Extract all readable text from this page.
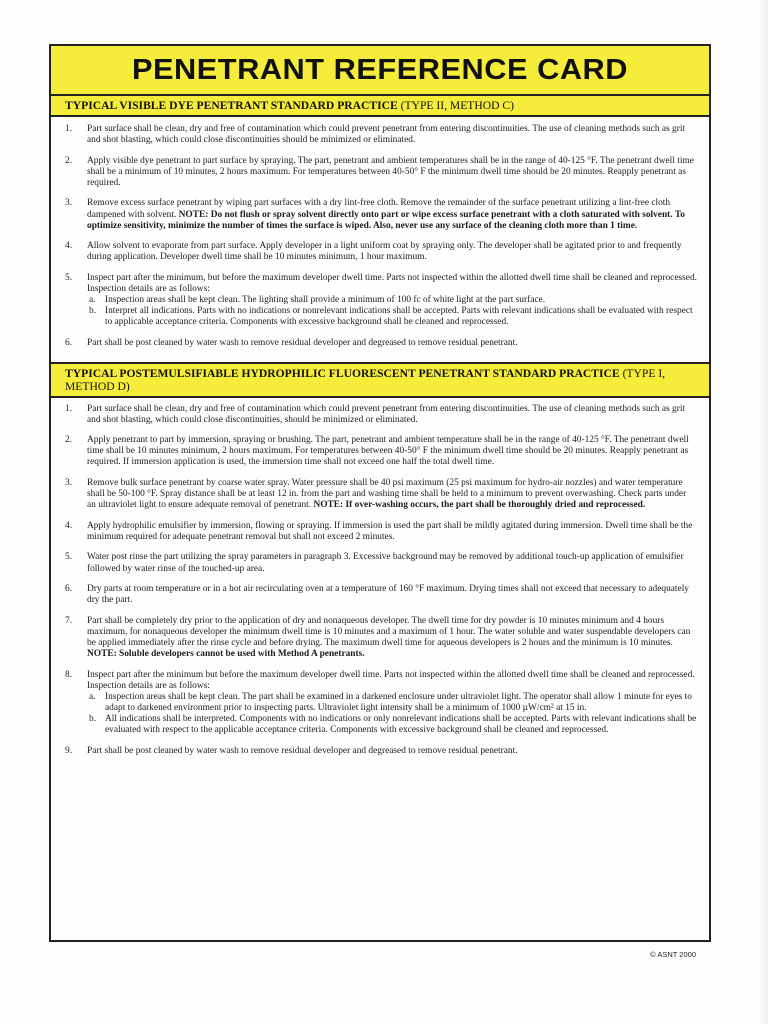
PENETRANT REFERENCE CARD
TYPICAL VISIBLE DYE PENETRANT STANDARD PRACTICE (TYPE II, METHOD C)
1.	Part surface shall be clean, dry and free of contamination which could prevent penetrant from entering discontinuities. The use of cleaning methods such as grit and shot blasting, which could close discontinuities should be minimized or eliminated.
2.	Apply visible dye penetrant to part surface by spraying. The part, penetrant and ambient temperatures shall be in the range of 40-125 °F. The penetrant dwell time shall be a minimum of 10 minutes, 2 hours maximum. For temperatures between 40-50° F the minimum dwell time should be 20 minutes. Reapply penetrant as required.
3.	Remove excess surface penetrant by wiping part surfaces with a dry lint-free cloth. Remove the remainder of the surface penetrant utilizing a lint-free cloth dampened with solvent. NOTE: Do not flush or spray solvent directly onto part or wipe excess surface penetrant with a cloth saturated with solvent. To optimize sensitivity, minimize the number of times the surface is wiped. Also, never use any surface of the cleaning cloth more than 1 time.
4.	Allow solvent to evaporate from part surface. Apply developer in a light uniform coat by spraying only. The developer shall be agitated prior to and frequently during application. Developer dwell time shall be 10 minutes minimum, 1 hour maximum.
5.	Inspect part after the minimum, but before the maximum developer dwell time. Parts not inspected within the allotted dwell time shall be cleaned and reprocessed. Inspection details are as follows:
a.	Inspection areas shall be kept clean. The lighting shall provide a minimum of 100 fc of white light at the part surface.
b. Interpret all indications. Parts with no indications or nonrelevant indications shall be accepted. Parts with relevant indications shall be evaluated with respect to applicable acceptance criteria. Components with excessive background shall be cleaned and reprocessed.
6.	Part shall be post cleaned by water wash to remove residual developer and degreased to remove residual penetrant.
TYPICAL POSTEMULSIFIABLE HYDROPHILIC FLUORESCENT PENETRANT STANDARD PRACTICE (TYPE I, METHOD D)
1.	Part surface shall be clean, dry and free of contamination which could prevent penetrant from entering discontinuities. The use of cleaning methods such as grit and shot blasting, which could close discontinuities, should be minimized or eliminated.
2.	Apply penetrant to part by immersion, spraying or brushing. The part, penetrant and ambient temperature shall be in the range of 40-125 °F. The penetrant dwell time shall be 10 minutes minimum, 2 hours maximum. For temperatures between 40-50° F the minimum dwell time should be 20 minutes. Reapply penetrant as required. If immersion application is used, the immersion time shall not exceed one half the total dwell time.
3.	Remove bulk surface penetrant by coarse water spray. Water pressure shall be 40 psi maximum (25 psi maximum for hydro-air nozzles) and water temperature shall be 50-100 °F. Spray distance shall be at least 12 in. from the part and washing time shall be held to a minimum to prevent overwashing. Check parts under an ultraviolet light to ensure adequate removal of penetrant. NOTE: If over-washing occurs, the part shall be thoroughly dried and reprocessed.
4.	Apply hydrophilic emulsifier by immersion, flowing or spraying. If immersion is used the part shall be mildly agitated during immersion. Dwell time shall be the minimum required for adequate penetrant removal but shall not exceed 2 minutes.
5.	Water post rinse the part utilizing the spray parameters in paragraph 3. Excessive background may be removed by additional touch-up application of emulsifier followed by water rinse of the touched-up area.
6.	Dry parts at room temperature or in a hot air recirculating oven at a temperature of 160 °F maximum. Drying times shall not exceed that necessary to adequately dry the part.
7.	Part shall be completely dry prior to the application of dry and nonaqueous developer. The dwell time for dry powder is 10 minutes minimum and 4 hours maximum, for nonaqueous developer the minimum dwell time is 10 minutes and a maximum of 1 hour. The water soluble and water suspendable developers can be applied immediately after the rinse cycle and before drying. The maximum dwell time for aqueous developers is 2 hours and the minimum is 10 minutes. NOTE: Soluble developers cannot be used with Method A penetrants.
8.	Inspect part after the minimum but before the maximum developer dwell time. Parts not inspected within the allotted dwell time shall be cleaned and reprocessed. Inspection details are as follows:
a.	Inspection areas shall be kept clean. The part shall be examined in a darkened enclosure under ultraviolet light. The operator shall allow 1 minute for eyes to adapt to darkened environment prior to inspecting parts. Ultraviolet light intensity shall be a minimum of 1000 µW/cm² at 15 in.
b. All indications shall be interpreted. Components with no indications or only nonrelevant indications shall be accepted. Parts with relevant indications shall be evaluated with respect to the applicable acceptance criteria. Components with excessive background shall be cleaned and reprocessed.
9.	Part shall be post cleaned by water wash to remove residual developer and degreased to remove residual penetrant.
© ASNT 2000
